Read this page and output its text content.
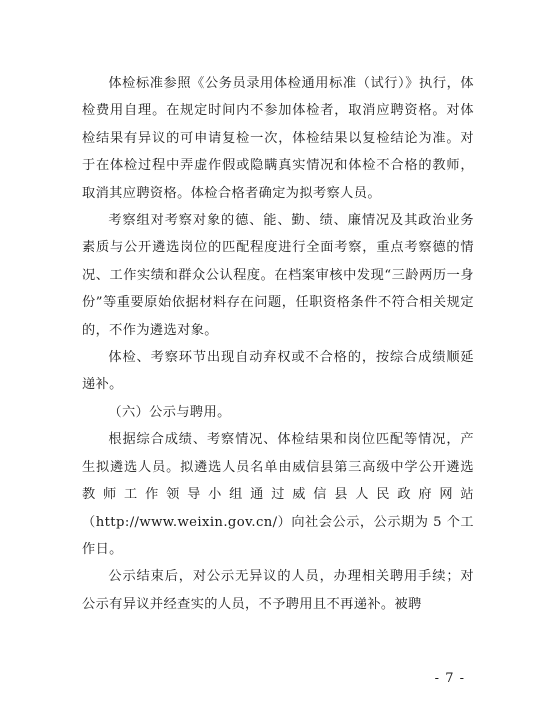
体检标准参照《公务员录用体检通用标准（试行）》执行，体检费用自理。在规定时间内不参加体检者，取消应聘资格。对体检结果有异议的可申请复检一次，体检结果以复检结论为准。对于在体检过程中弄虚作假或隐瞒真实情况和体检不合格的教师，取消其应聘资格。体检合格者确定为拟考察人员。

考察组对考察对象的德、能、勤、绩、廉情况及其政治业务素质与公开遴选岗位的匹配程度进行全面考察，重点考察德的情况、工作实绩和群众公认程度。在档案审核中发现“三龄两历一身份”等重要原始依据材料存在问题，任职资格条件不符合相关规定的，不作为遴选对象。

体检、考察环节出现自动弃权或不合格的，按综合成绩顺延递补。

（六）公示与聘用。

根据综合成绩、考察情况、体检结果和岗位匹配等情况，产生拟遴选人员。拟遴选人员名单由威信县第三高级中学公开遴选教师工作领导小组通过威信县人民政府网站（http://www.weixin.gov.cn/）向社会公示，公示期为 5 个工作日。

公示结束后，对公示无异议的人员，办理相关聘用手续；对公示有异议并经查实的人员，不予聘用且不再递补。被聘

- 7 -
